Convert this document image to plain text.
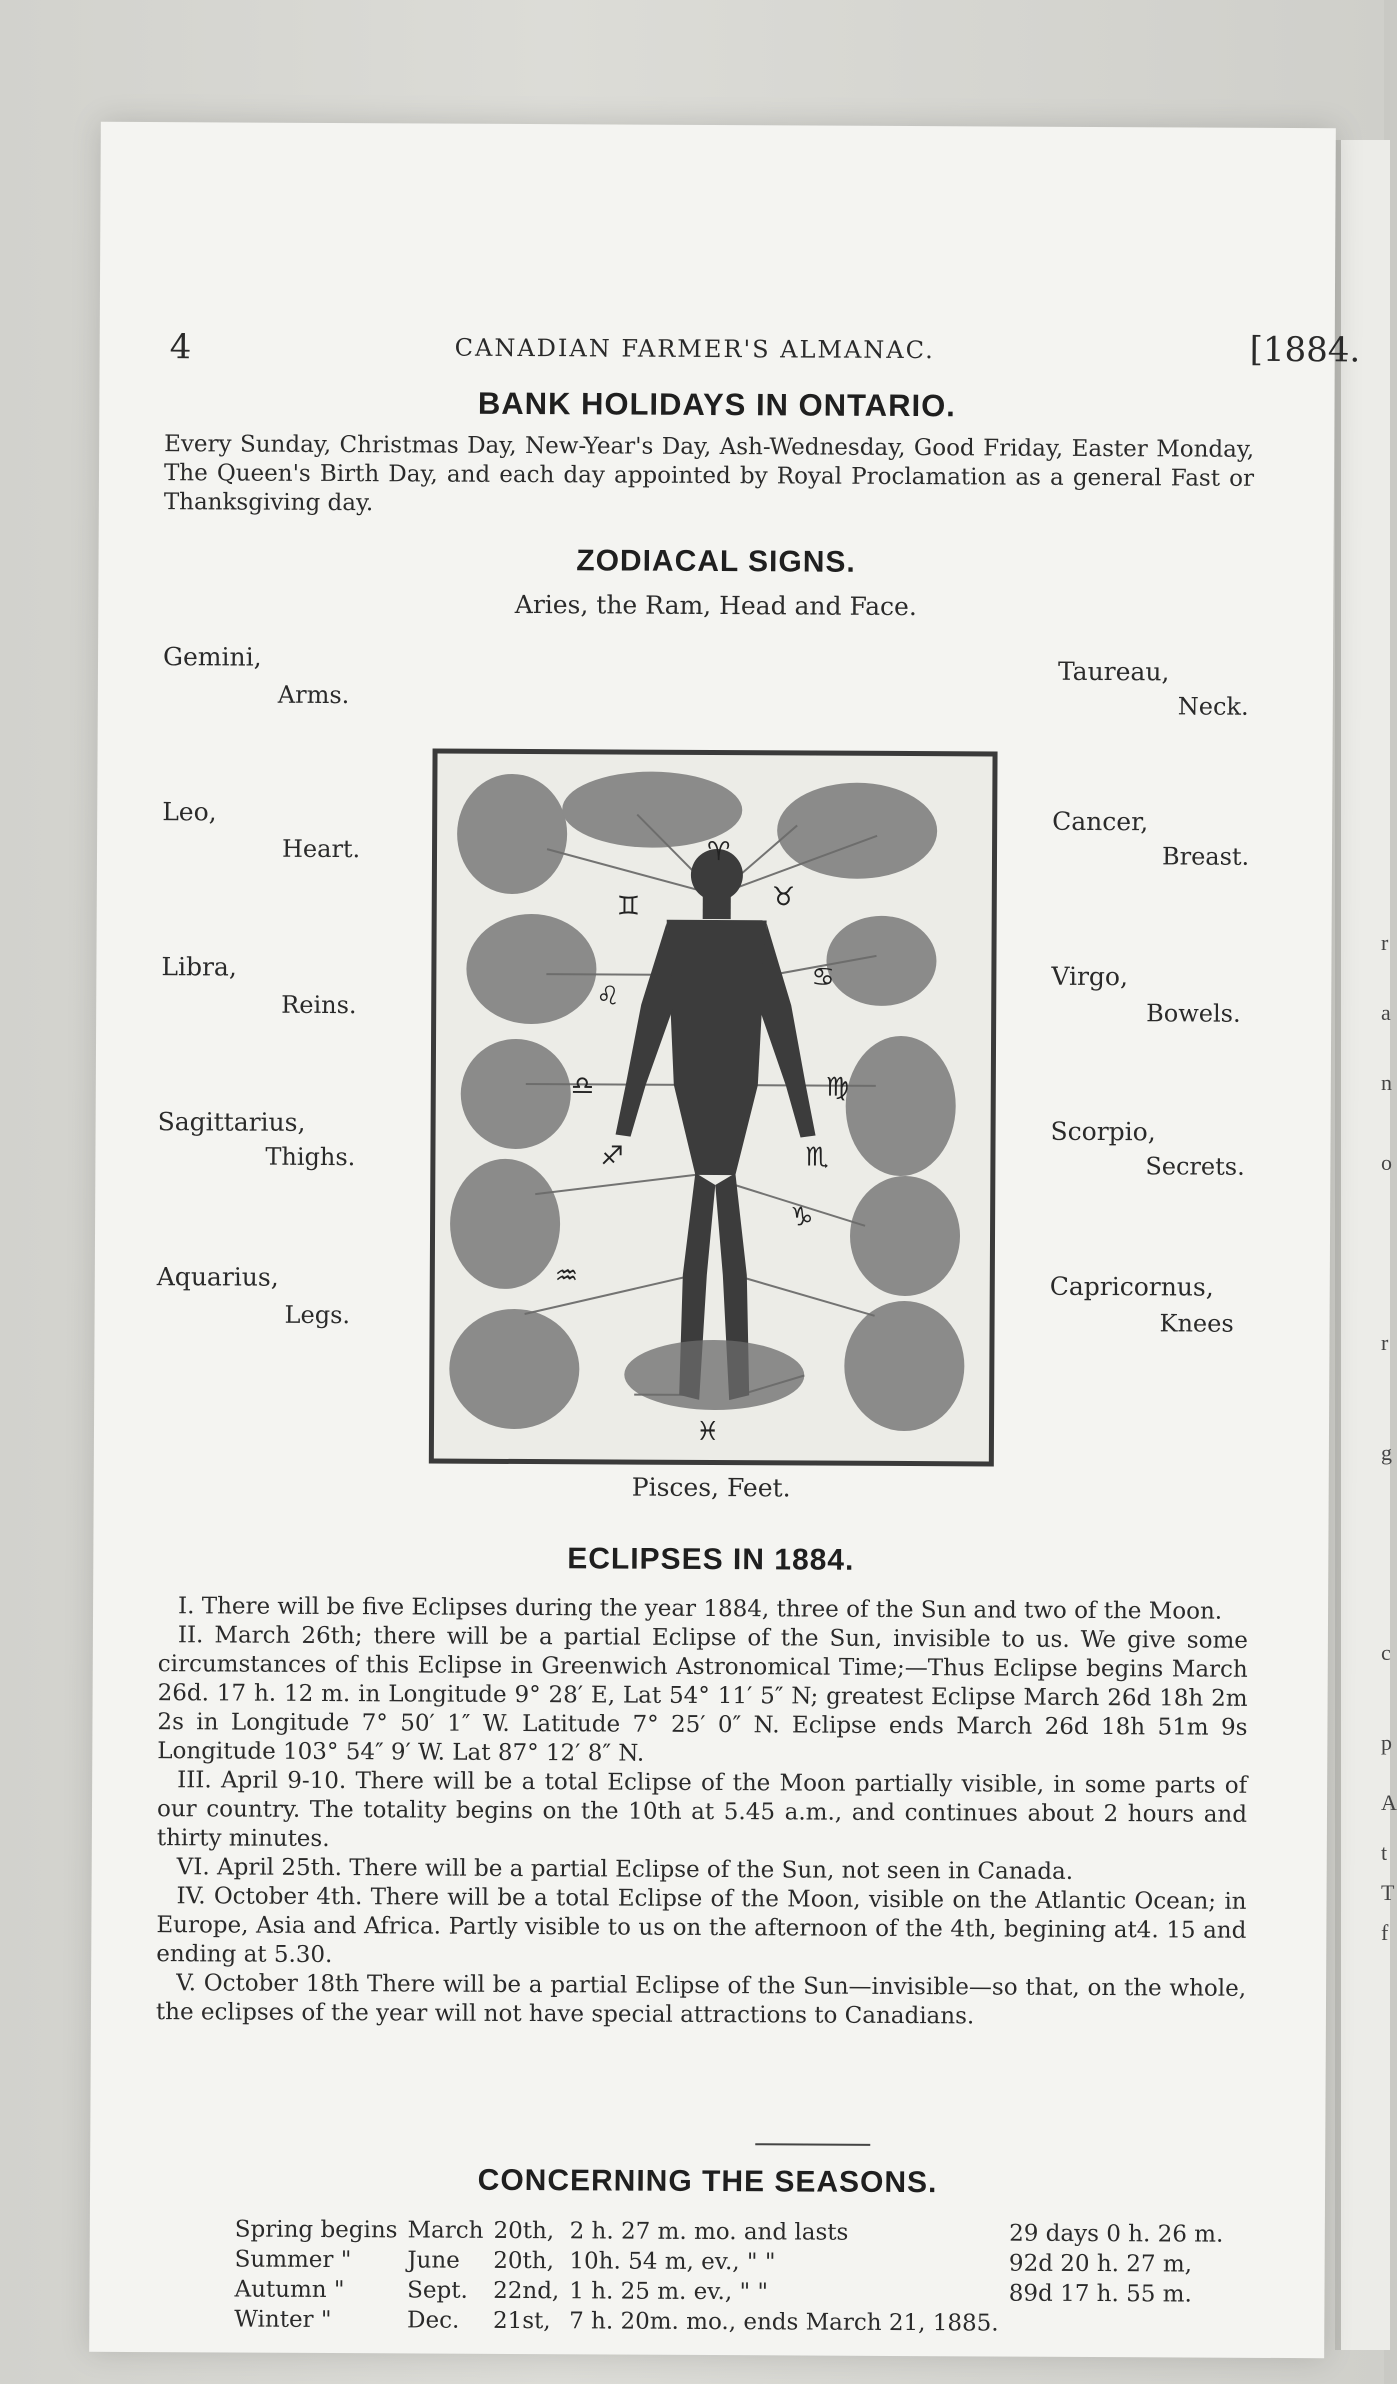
r
a
n
o
r
g
c
p
t
f
A
T
4	CANADIAN FARMER'S ALMANAC.	[1884.
BANK HOLIDAYS IN ONTARIO.
Every Sunday, Christmas Day, New-Year's Day, Ash-Wednesday, Good Friday, Easter Monday, The Queen's Birth Day, and each day appointed by Royal Proclamation as a general Fast or Thanksgiving day.
ZODIACAL SIGNS.
Aries, the Ram, Head and Face.
Gemini,
Arms.
Leo,
Heart.
Libra,
Reins.
Sagittarius,
Thighs.
Aquarius,
Legs.
Taureau,
Neck.
Cancer,
Breast.
Virgo,
Bowels.
Scorpio,
Secrets.
Capricornus,
Knees
♈
♉
♊
♋
♌
♍
♎
♏
♐
♑
♒
♓
Pisces, Feet.
ECLIPSES IN 1884.
I. There will be five Eclipses during the year 1884, three of the Sun and two of the Moon.
II. March 26th; there will be a partial Eclipse of the Sun, invisible to us. We give some circumstances of this Eclipse in Greenwich Astronomical Time;—Thus Eclipse begins March 26d. 17 h. 12 m. in Longitude 9° 28′ E, Lat 54° 11′ 5″ N; greatest Eclipse March 26d 18h 2m 2s in Longitude 7° 50′ 1″ W. Latitude 7° 25′ 0″ N. Eclipse ends March 26d 18h 51m 9s Longitude 103° 54″ 9′ W. Lat 87° 12′ 8″ N.
III. April 9-10. There will be a total Eclipse of the Moon partially visible, in some parts of our country. The totality begins on the 10th at 5.45 a.m., and continues about 2 hours and thirty minutes.
VI. April 25th. There will be a partial Eclipse of the Sun, not seen in Canada.
IV. October 4th. There will be a total Eclipse of the Moon, visible on the Atlantic Ocean; in Europe, Asia and Africa. Partly visible to us on the afternoon of the 4th, begining at4. 15 and ending at 5.30.
V. October 18th There will be a partial Eclipse of the Sun—invisible—so that, on the whole, the eclipses of the year will not have special attractions to Canadians.
CONCERNING THE SEASONS.
Spring begins	March	20th,	2 h. 27 m. mo. and lasts	29 days 0 h. 26 m.
Summer "	June	20th,	10h. 54 m, ev., " "	92d 20 h. 27 m,
Autumn "	Sept.	22nd,	1 h. 25 m. ev., " "	89d 17 h. 55 m.
Winter "	Dec.	21st,	7 h. 20m. mo., ends March 21, 1885.	
